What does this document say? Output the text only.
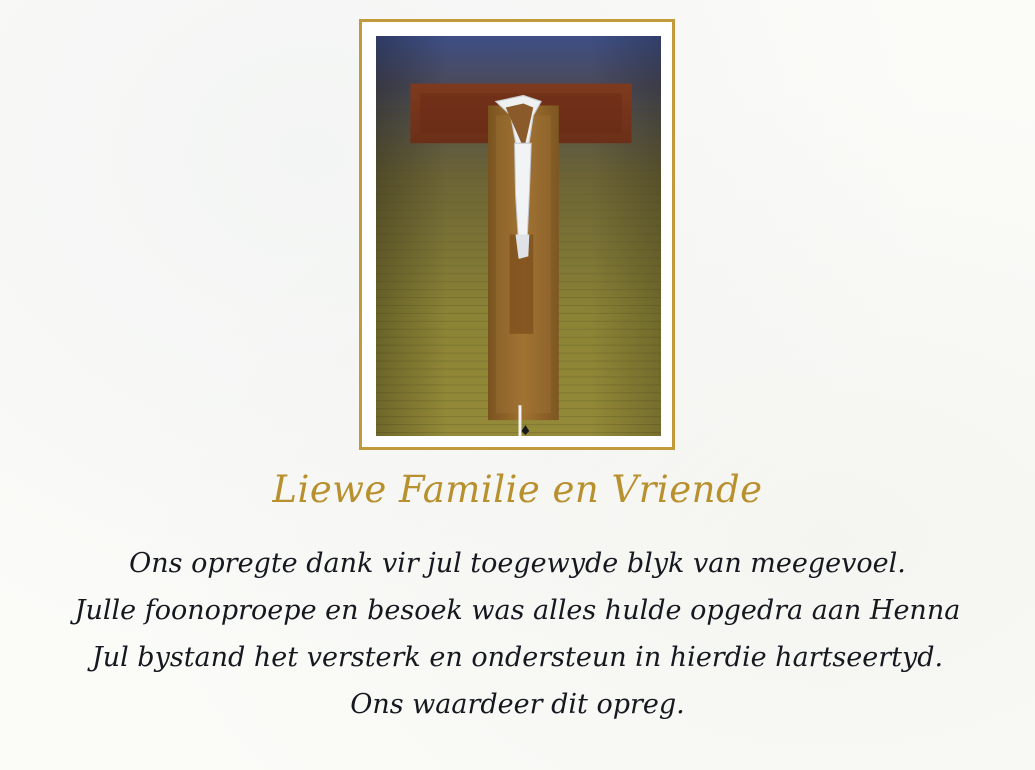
Liewe Familie en Vriende
Ons opregte dank vir jul toegewyde blyk van meegevoel.
Julle foonoproepe en besoek was alles hulde opgedra aan Henna
Jul bystand het versterk en ondersteun in hierdie hartseertyd.
Ons waardeer dit opreg.
